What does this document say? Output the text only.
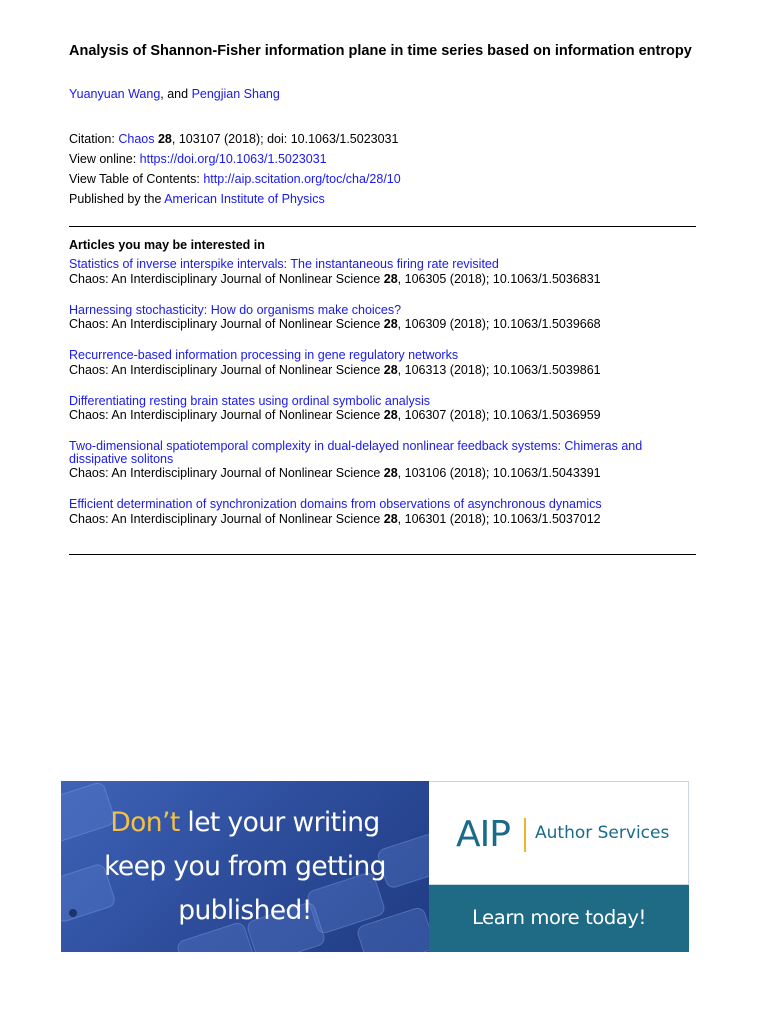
Analysis of Shannon-Fisher information plane in time series based on information entropy
Yuanyuan Wang, and Pengjian Shang
Citation: Chaos 28, 103107 (2018); doi: 10.1063/1.5023031
View online: https://doi.org/10.1063/1.5023031
View Table of Contents: http://aip.scitation.org/toc/cha/28/10
Published by the American Institute of Physics
Articles you may be interested in
Statistics of inverse interspike intervals: The instantaneous firing rate revisited
Chaos: An Interdisciplinary Journal of Nonlinear Science 28, 106305 (2018); 10.1063/1.5036831
Harnessing stochasticity: How do organisms make choices?
Chaos: An Interdisciplinary Journal of Nonlinear Science 28, 106309 (2018); 10.1063/1.5039668
Recurrence-based information processing in gene regulatory networks
Chaos: An Interdisciplinary Journal of Nonlinear Science 28, 106313 (2018); 10.1063/1.5039861
Differentiating resting brain states using ordinal symbolic analysis
Chaos: An Interdisciplinary Journal of Nonlinear Science 28, 106307 (2018); 10.1063/1.5036959
Two-dimensional spatiotemporal complexity in dual-delayed nonlinear feedback systems: Chimeras and dissipative solitons
Chaos: An Interdisciplinary Journal of Nonlinear Science 28, 103106 (2018); 10.1063/1.5043391
Efficient determination of synchronization domains from observations of asynchronous dynamics
Chaos: An Interdisciplinary Journal of Nonlinear Science 28, 106301 (2018); 10.1063/1.5037012
Don’t let your writing
keep you from getting
published!
AIP Author Services
Learn more today!
